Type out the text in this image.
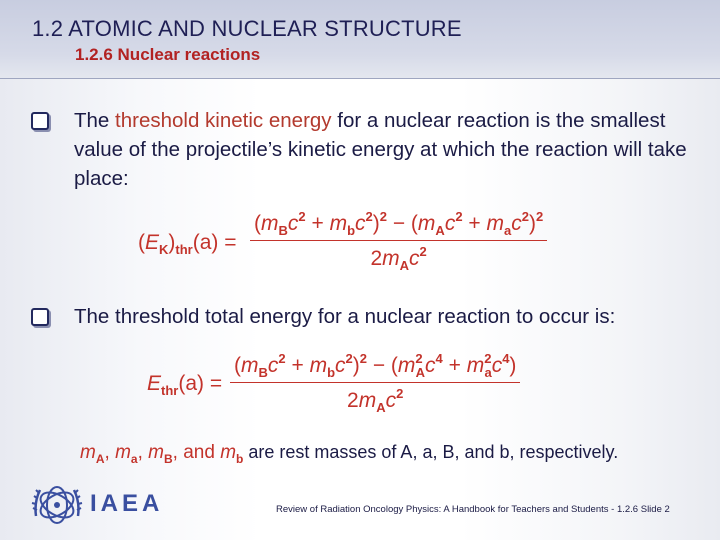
1.2 ATOMIC AND NUCLEAR STRUCTURE
1.2.6 Nuclear reactions
The threshold kinetic energy for a nuclear reaction is the smallest value of the projectile’s kinetic energy at which the reaction will take place:
$(E_K)_{thr}(a)$ =
$(m_Bc^2 + m_bc^2)^2 - (m_Ac^2 + m_ac^2)^2$
$2m_Ac^2$
The threshold total energy for a nuclear reaction to occur is:
$E_{thr}(a)$ =
$(m_Bc^2 + m_bc^2)^2 - (m^2_Ac^4 + m^2_ac^4)$
$2m_Ac^2$
$m_A$, $m_a$, $m_B$, and $m_b$ are rest masses of A, a, B, and b, respectively.
IAEA	Review of Radiation Oncology Physics: A Handbook for Teachers and Students - 1.2.6 Slide 2
